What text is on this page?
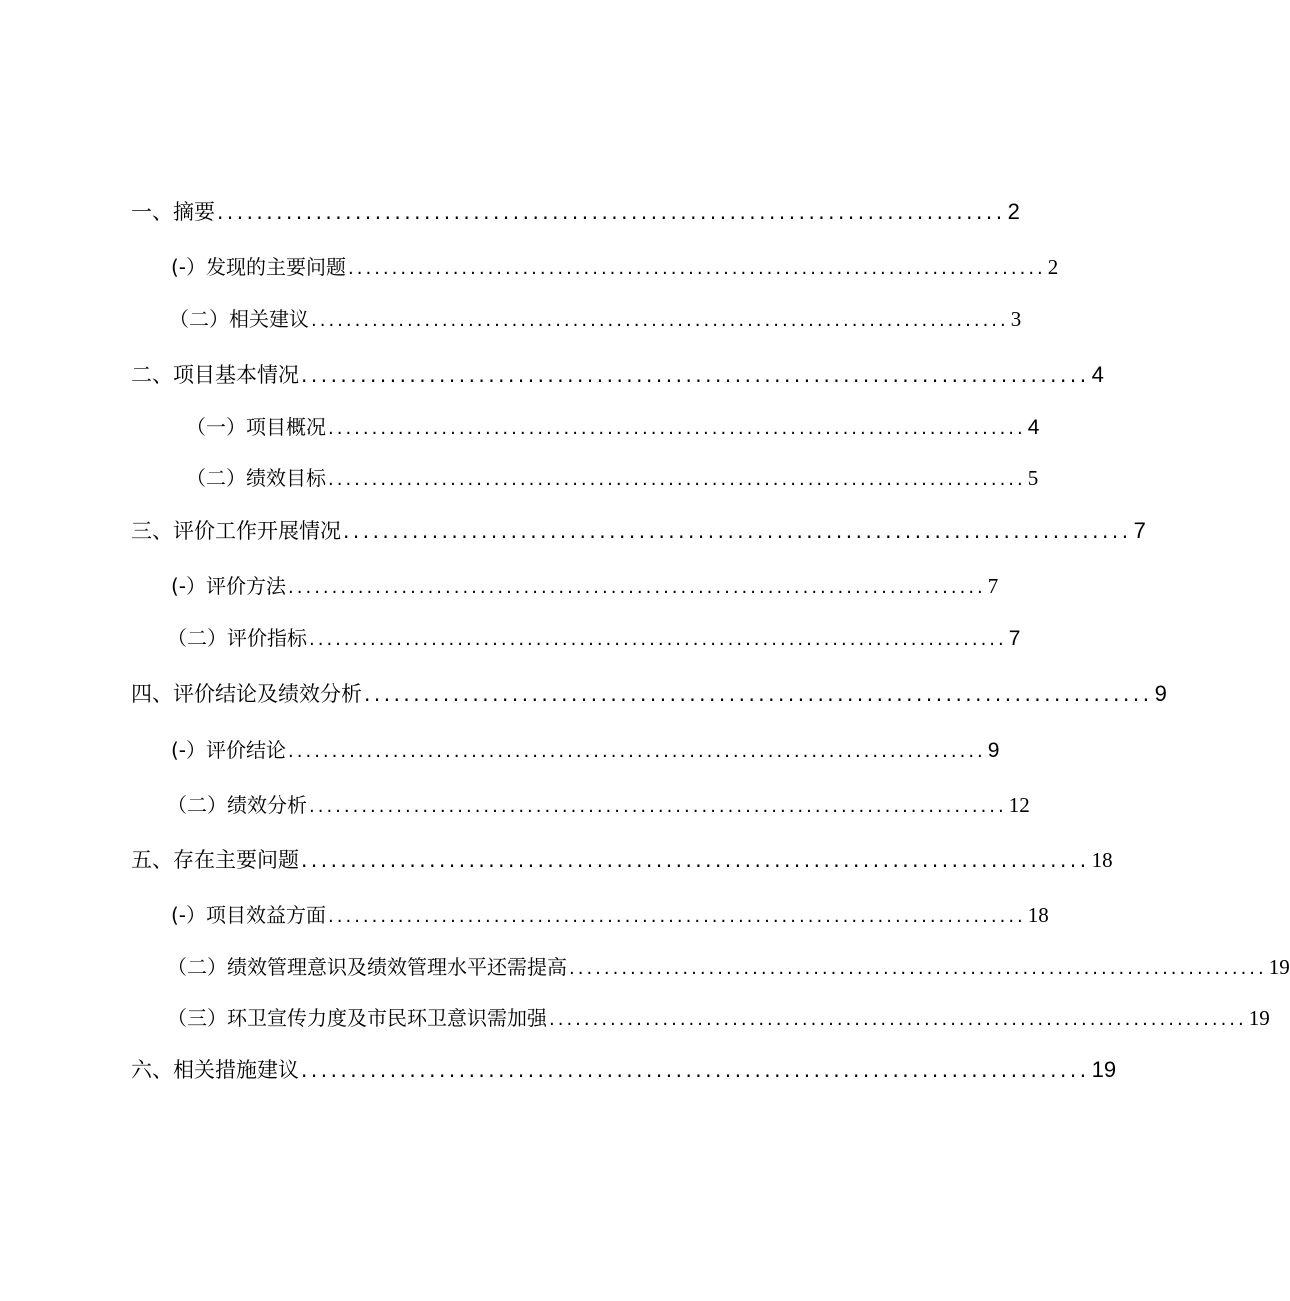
一、摘要 ................................................................................ 2
(-）发现的主要问题 ................................................................................ 2
（二）相关建议 ................................................................................ 3
二、项目基本情况 ................................................................................ 4
（一）项目概况 ................................................................................ 4
（二）绩效目标 ................................................................................ 5
三、评价工作开展情况 ................................................................................ 7
(-）评价方法 ................................................................................ 7
（二）评价指标 ................................................................................ 7
四、评价结论及绩效分析 ................................................................................ 9
(-）评价结论 ................................................................................ 9
（二）绩效分析 ................................................................................ 12
五、存在主要问题 ................................................................................ 18
(-）项目效益方面 ................................................................................ 18
（二）绩效管理意识及绩效管理水平还需提高 ................................................................................ 19
（三）环卫宣传力度及市民环卫意识需加强 ................................................................................ 19
六、相关措施建议 ................................................................................ 19
